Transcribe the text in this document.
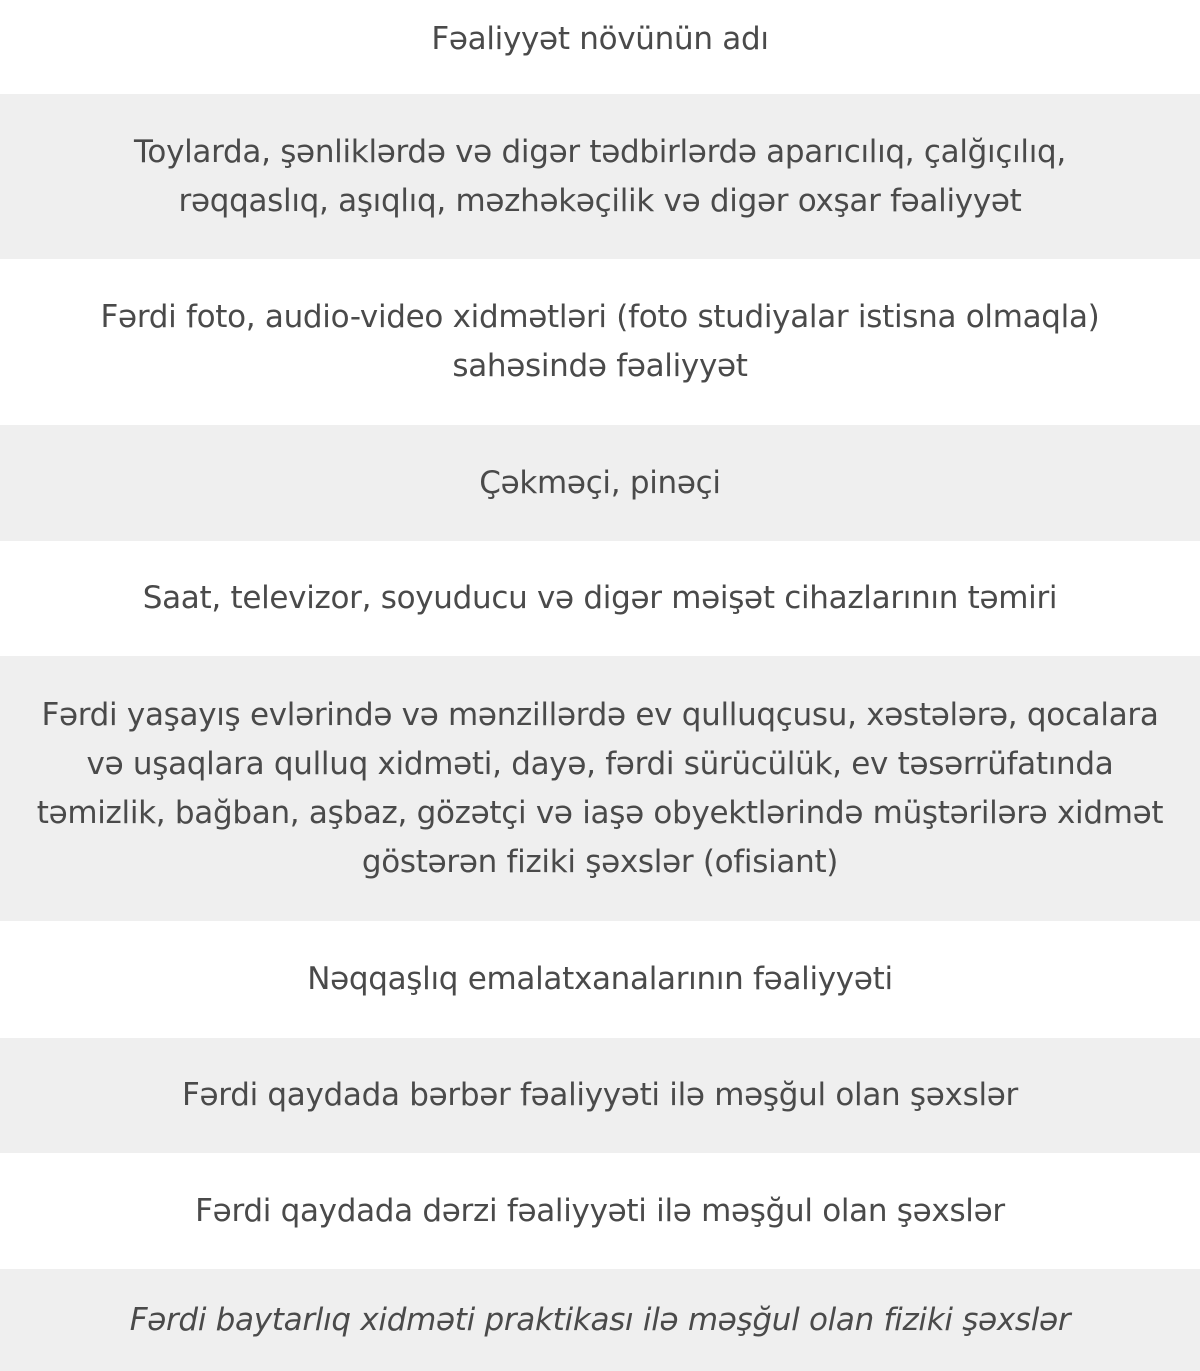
Fəaliyyət növünün adı
Toylarda, şənliklərdə və digər tədbirlərdə aparıcılıq, çalğıçılıq, rəqqaslıq, aşıqlıq, məzhəkəçilik və digər oxşar fəaliyyət
Fərdi foto, audio-video xidmətləri (foto studiyalar istisna olmaqla) sahəsində fəaliyyət
Çəkməçi, pinəçi
Saat, televizor, soyuducu və digər məişət cihazlarının təmiri
Fərdi yaşayış evlərində və mənzillərdə ev qulluqçusu, xəstələrə, qocalara və uşaqlara qulluq xidməti, dayə, fərdi sürücülük, ev təsərrüfatında təmizlik, bağban, aşbaz, gözətçi və iaşə obyektlərində müştərilərə xidmət göstərən fiziki şəxslər (ofisiant)
Nəqqaşlıq emalatxanalarının fəaliyyəti
Fərdi qaydada bərbər fəaliyyəti ilə məşğul olan şəxslər
Fərdi qaydada dərzi fəaliyyəti ilə məşğul olan şəxslər
Fərdi baytarlıq xidməti praktikası ilə məşğul olan fiziki şəxslər
